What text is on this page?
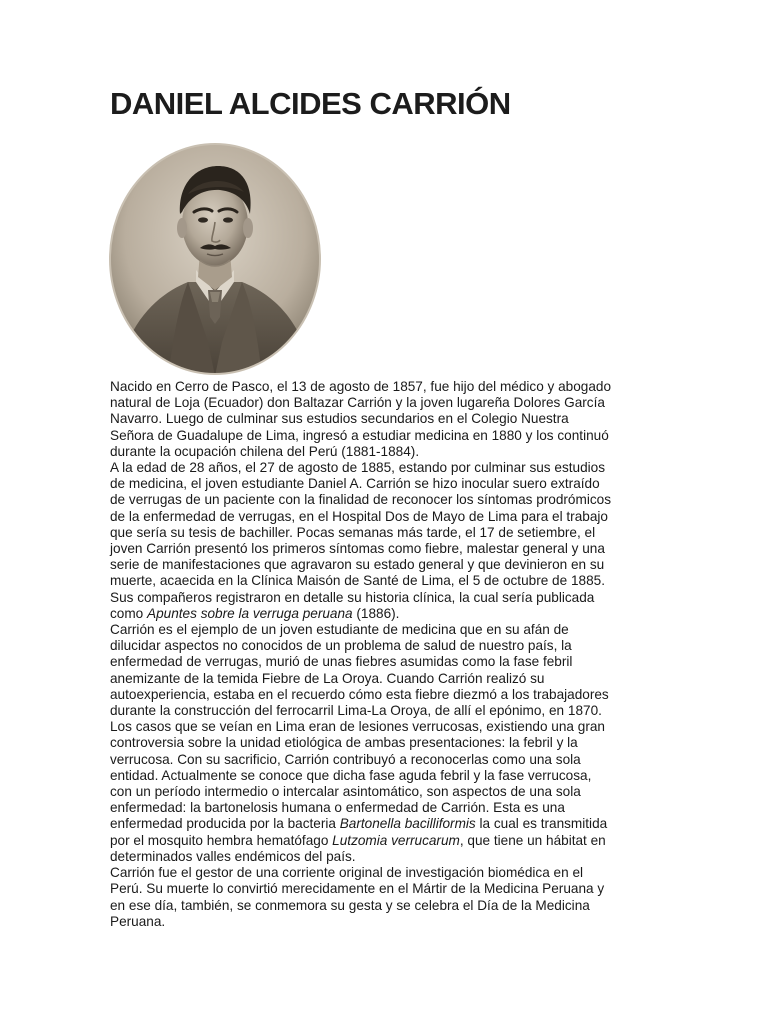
DANIEL ALCIDES CARRIÓN

Nacido en Cerro de Pasco, el 13 de agosto de 1857, fue hijo del médico y abogado
natural de Loja (Ecuador) don Baltazar Carrión y la joven lugareña Dolores García
Navarro. Luego de culminar sus estudios secundarios en el Colegio Nuestra
Señora de Guadalupe de Lima, ingresó a estudiar medicina en 1880 y los continuó
durante la ocupación chilena del Perú (1881-1884).

A la edad de 28 años, el 27 de agosto de 1885, estando por culminar sus estudios
de medicina, el joven estudiante Daniel A. Carrión se hizo inocular suero extraído
de verrugas de un paciente con la finalidad de reconocer los síntomas prodrómicos
de la enfermedad de verrugas, en el Hospital Dos de Mayo de Lima para el trabajo
que sería su tesis de bachiller. Pocas semanas más tarde, el 17 de setiembre, el
joven Carrión presentó los primeros síntomas como fiebre, malestar general y una
serie de manifestaciones que agravaron su estado general y que devinieron en su
muerte, acaecida en la Clínica Maisón de Santé de Lima, el 5 de octubre de 1885.
Sus compañeros registraron en detalle su historia clínica, la cual sería publicada
como Apuntes sobre la verruga peruana (1886).

Carrión es el ejemplo de un joven estudiante de medicina que en su afán de
dilucidar aspectos no conocidos de un problema de salud de nuestro país, la
enfermedad de verrugas, murió de unas fiebres asumidas como la fase febril
anemizante de la temida Fiebre de La Oroya. Cuando Carrión realizó su
autoexperiencia, estaba en el recuerdo cómo esta fiebre diezmó a los trabajadores
durante la construcción del ferrocarril Lima-La Oroya, de allí el epónimo, en 1870.
Los casos que se veían en Lima eran de lesiones verrucosas, existiendo una gran
controversia sobre la unidad etiológica de ambas presentaciones: la febril y la
verrucosa. Con su sacrificio, Carrión contribuyó a reconocerlas como una sola
entidad. Actualmente se conoce que dicha fase aguda febril y la fase verrucosa,
con un período intermedio o intercalar asintomático, son aspectos de una sola
enfermedad: la bartonelosis humana o enfermedad de Carrión. Esta es una
enfermedad producida por la bacteria Bartonella bacilliformis la cual es transmitida
por el mosquito hembra hematófago Lutzomia verrucarum, que tiene un hábitat en
determinados valles endémicos del país.

Carrión fue el gestor de una corriente original de investigación biomédica en el
Perú. Su muerte lo convirtió merecidamente en el Mártir de la Medicina Peruana y
en ese día, también, se conmemora su gesta y se celebra el Día de la Medicina
Peruana.
